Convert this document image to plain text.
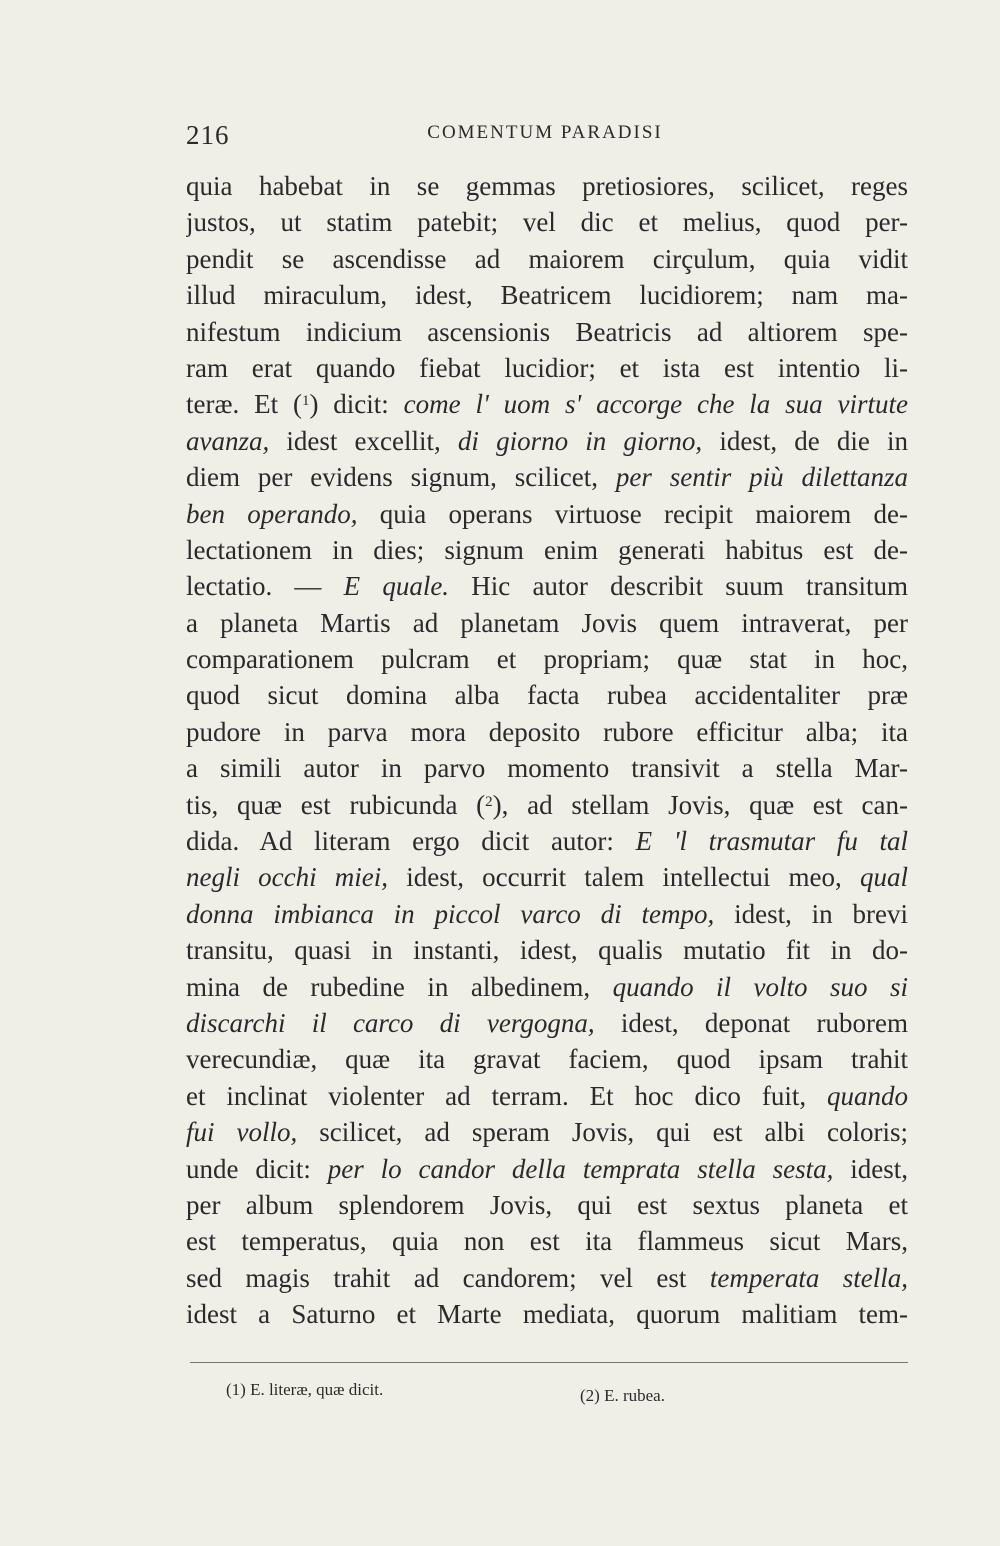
216	COMENTUM PARADISI
quia habebat in se gemmas pretiosiores, scilicet, reges
justos, ut statim patebit; vel dic et melius, quod per-
pendit se ascendisse ad maiorem cirçulum, quia vidit
illud miraculum, idest, Beatricem lucidiorem; nam ma-
nifestum indicium ascensionis Beatricis ad altiorem spe-
ram erat quando fiebat lucidior; et ista est intentio li-
teræ. Et ($^1$) dicit: come l' uom s' accorge che la sua virtute
avanza, idest excellit, di giorno in giorno, idest, de die in
diem per evidens signum, scilicet, per sentir più dilettanza
ben operando, quia operans virtuose recipit maiorem de-
lectationem in dies; signum enim generati habitus est de-
lectatio. — E quale. Hic autor describit suum transitum
a planeta Martis ad planetam Jovis quem intraverat, per
comparationem pulcram et propriam; quæ stat in hoc,
quod sicut domina alba facta rubea accidentaliter præ
pudore in parva mora deposito rubore efficitur alba; ita
a simili autor in parvo momento transivit a stella Mar-
tis, quæ est rubicunda ($^2$), ad stellam Jovis, quæ est can-
dida. Ad literam ergo dicit autor: E 'l trasmutar fu tal
negli occhi miei, idest, occurrit talem intellectui meo, qual
donna imbianca in piccol varco di tempo, idest, in brevi
transitu, quasi in instanti, idest, qualis mutatio fit in do-
mina de rubedine in albedinem, quando il volto suo si
discarchi il carco di vergogna, idest, deponat ruborem
verecundiæ, quæ ita gravat faciem, quod ipsam trahit
et inclinat violenter ad terram. Et hoc dico fuit, quando
fui vollo, scilicet, ad speram Jovis, qui est albi coloris;
unde dicit: per lo candor della temprata stella sesta, idest,
per album splendorem Jovis, qui est sextus planeta et
est temperatus, quia non est ita flammeus sicut Mars,
sed magis trahit ad candorem; vel est temperata stella,
idest a Saturno et Marte mediata, quorum malitiam tem-
(1) E. literæ, quæ dicit.	(2) E. rubea.
